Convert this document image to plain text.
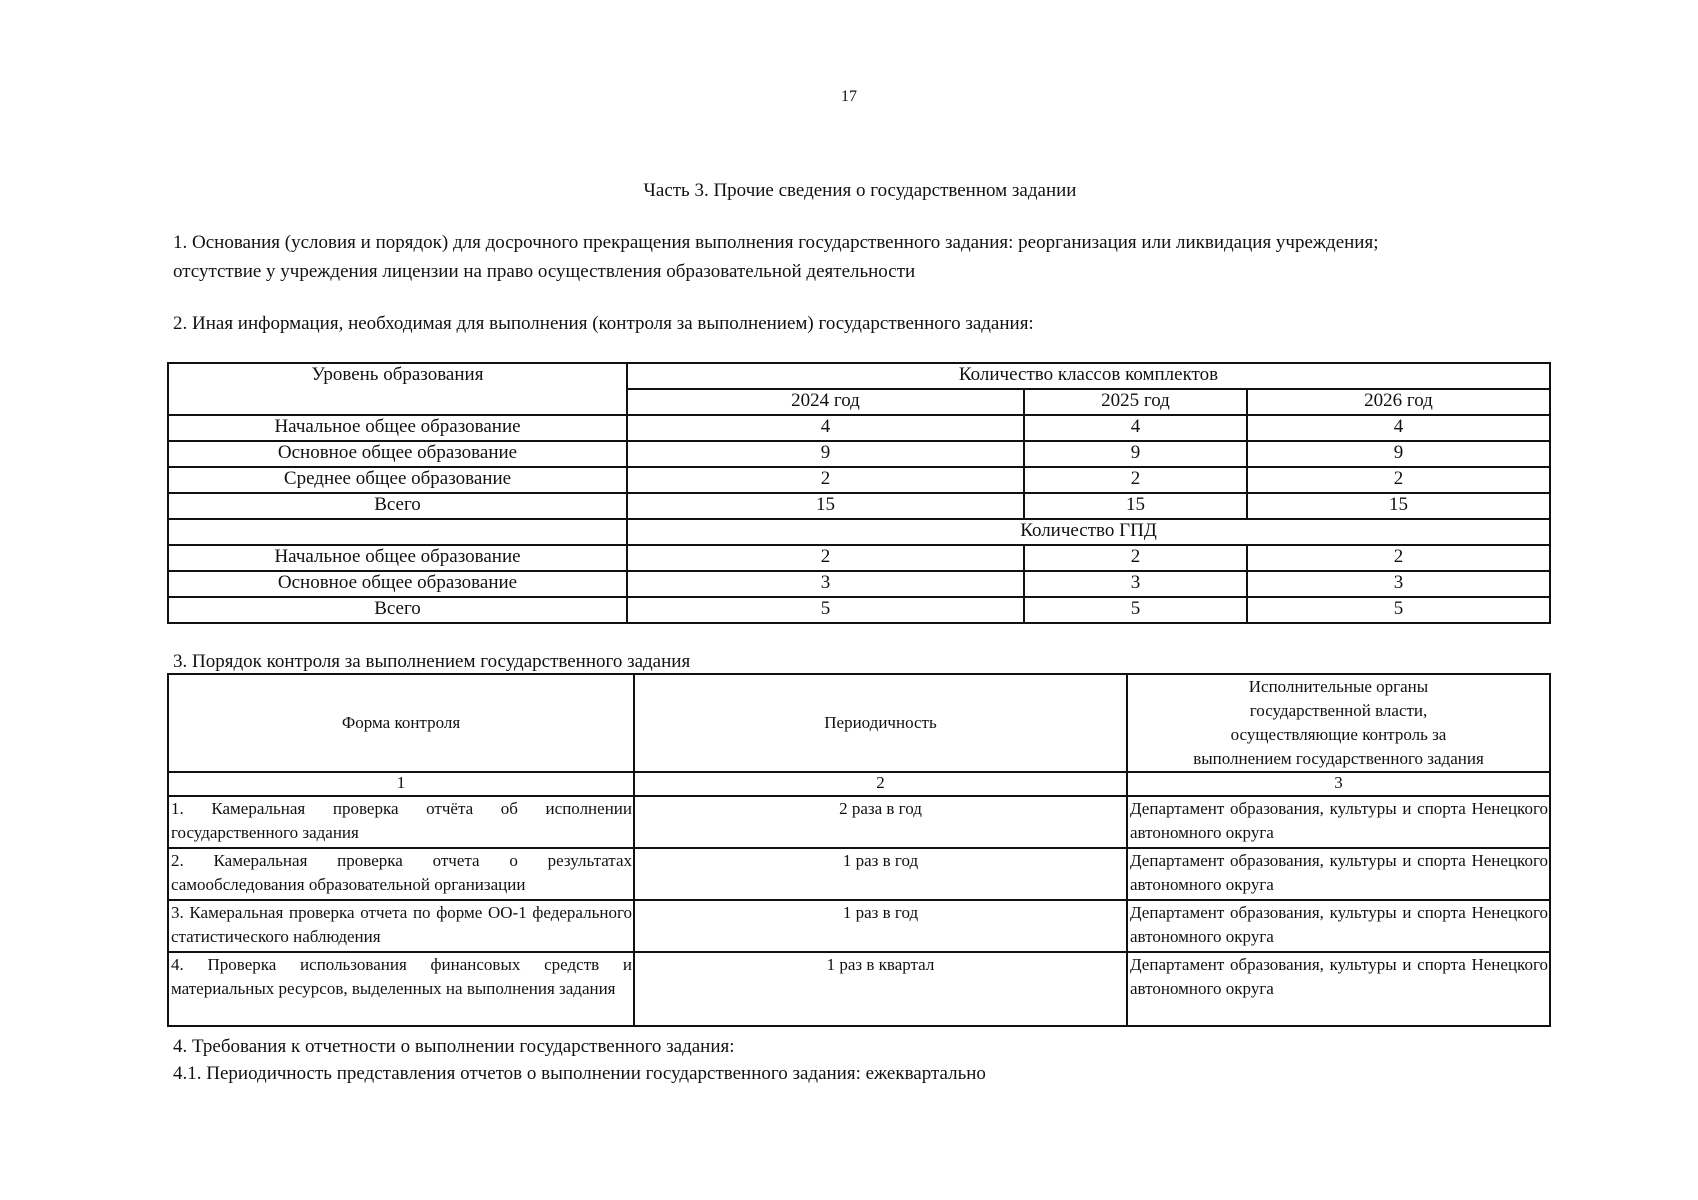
17
Часть 3. Прочие сведения о государственном задании
1. Основания (условия и порядок) для досрочного прекращения выполнения государственного задания: реорганизация или ликвидация учреждения;
отсутствие у учреждения лицензии на право осуществления образовательной деятельности
2. Иная информация, необходимая для выполнения (контроля за выполнением) государственного задания:
Уровень образования	Количество классов комплектов		
	2024 год	2025 год	2026 год
Начальное общее образование	4	4	4
Основное общее образование	9	9	9
Среднее общее образование	2	2	2
Всего	15	15	15
	Количество ГПД		
Начальное общее образование	2	2	2
Основное общее образование	3	3	3
Всего	5	5	5
3. Порядок контроля за выполнением государственного задания
Форма контроля	Периодичность	Исполнительные органы государственной власти, осуществляющие контроль за выполнением государственного задания
1	2	3
1. Камеральная проверка отчёта об исполнении государственного задания	2 раза в год	Департамент образования, культуры и спорта Ненецкого автономного округа
2. Камеральная проверка отчета о результатах самообследования образовательной организации	1 раз в год	Департамент образования, культуры и спорта Ненецкого автономного округа
3. Камеральная проверка отчета по форме ОО-1 федерального статистического наблюдения	1 раз в год	Департамент образования, культуры и спорта Ненецкого автономного округа
4. Проверка использования финансовых средств и материальных ресурсов, выделенных на выполнения задания	1 раз в квартал	Департамент образования, культуры и спорта Ненецкого автономного округа
4. Требования к отчетности о выполнении государственного задания:
4.1. Периодичность представления отчетов о выполнении государственного задания: ежеквартально
